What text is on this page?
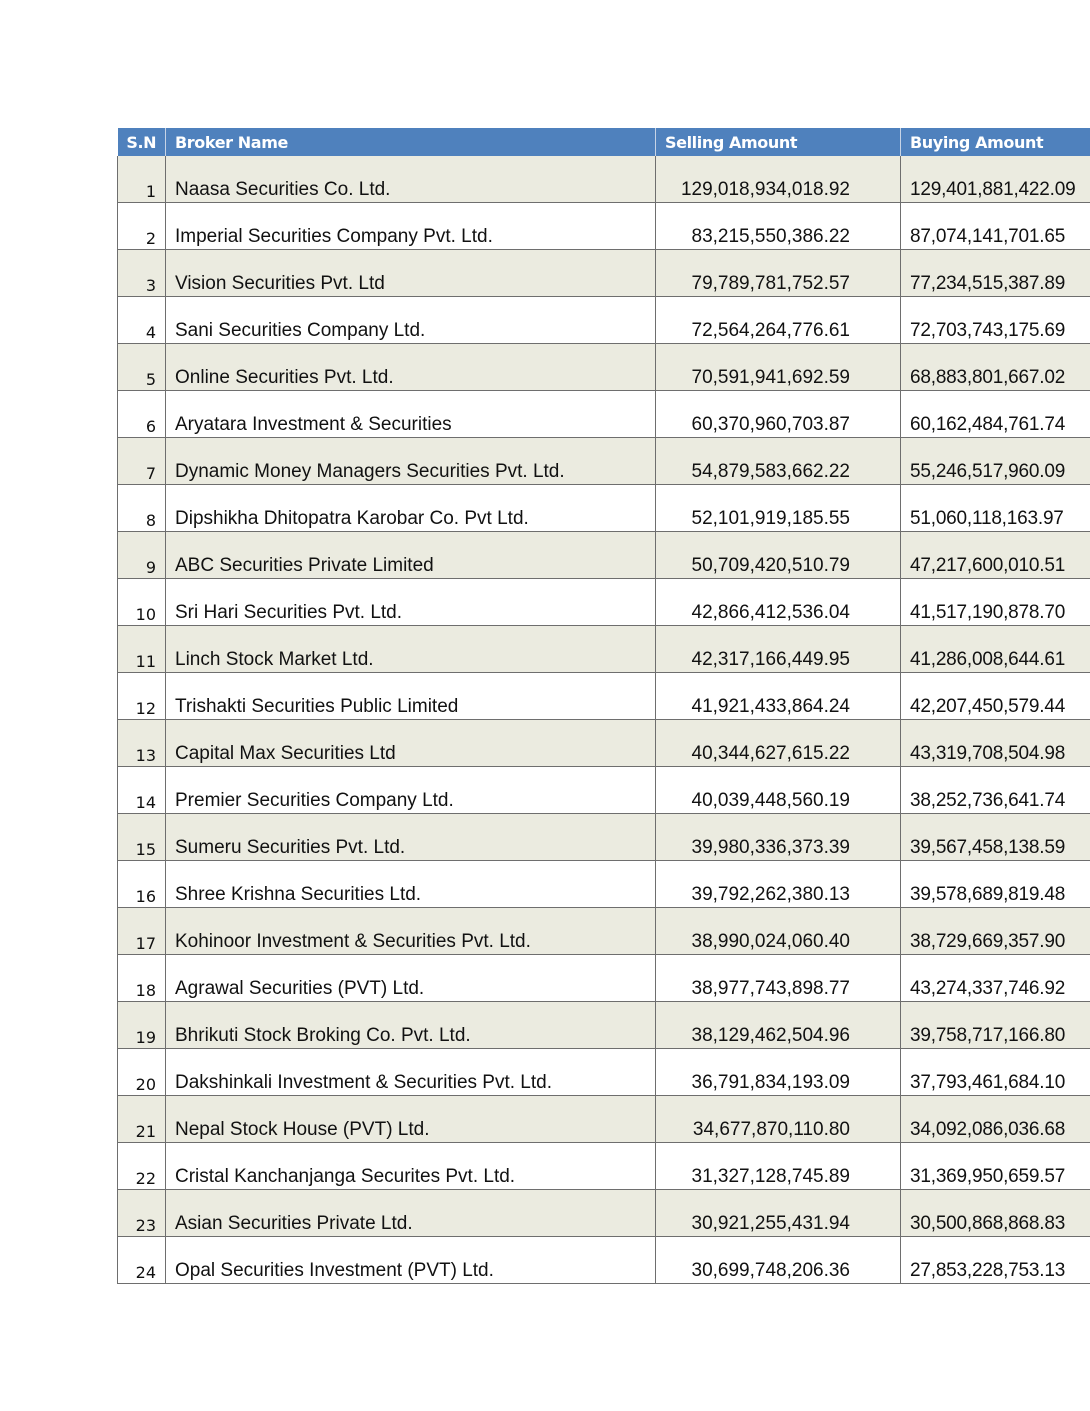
S.N	Broker Name	Selling Amount	Buying Amount
1	Naasa Securities Co. Ltd.	129,018,934,018.92	129,401,881,422.09
2	Imperial Securities Company Pvt. Ltd.	83,215,550,386.22	87,074,141,701.65
3	Vision Securities Pvt. Ltd	79,789,781,752.57	77,234,515,387.89
4	Sani Securities Company Ltd.	72,564,264,776.61	72,703,743,175.69
5	Online Securities Pvt. Ltd.	70,591,941,692.59	68,883,801,667.02
6	Aryatara Investment & Securities	60,370,960,703.87	60,162,484,761.74
7	Dynamic Money Managers Securities Pvt. Ltd.	54,879,583,662.22	55,246,517,960.09
8	Dipshikha Dhitopatra Karobar Co. Pvt Ltd.	52,101,919,185.55	51,060,118,163.97
9	ABC Securities Private Limited	50,709,420,510.79	47,217,600,010.51
10	Sri Hari Securities Pvt. Ltd.	42,866,412,536.04	41,517,190,878.70
11	Linch Stock Market Ltd.	42,317,166,449.95	41,286,008,644.61
12	Trishakti Securities Public Limited	41,921,433,864.24	42,207,450,579.44
13	Capital Max Securities Ltd	40,344,627,615.22	43,319,708,504.98
14	Premier Securities Company Ltd.	40,039,448,560.19	38,252,736,641.74
15	Sumeru Securities Pvt. Ltd.	39,980,336,373.39	39,567,458,138.59
16	Shree Krishna Securities Ltd.	39,792,262,380.13	39,578,689,819.48
17	Kohinoor Investment & Securities Pvt. Ltd.	38,990,024,060.40	38,729,669,357.90
18	Agrawal Securities (PVT) Ltd.	38,977,743,898.77	43,274,337,746.92
19	Bhrikuti Stock Broking Co. Pvt. Ltd.	38,129,462,504.96	39,758,717,166.80
20	Dakshinkali Investment & Securities Pvt. Ltd.	36,791,834,193.09	37,793,461,684.10
21	Nepal Stock House (PVT) Ltd.	34,677,870,110.80	34,092,086,036.68
22	Cristal Kanchanjanga Securites Pvt. Ltd.	31,327,128,745.89	31,369,950,659.57
23	Asian Securities Private Ltd.	30,921,255,431.94	30,500,868,868.83
24	Opal Securities Investment (PVT) Ltd.	30,699,748,206.36	27,853,228,753.13
